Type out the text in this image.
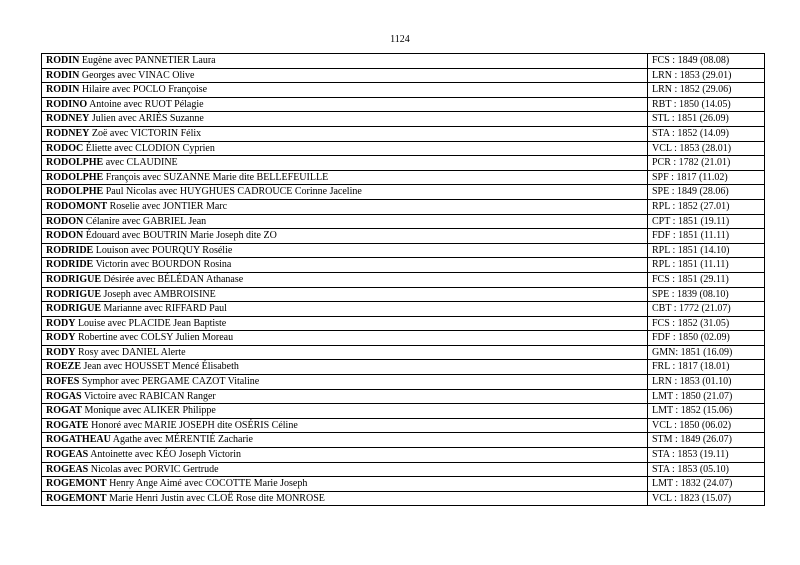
1124
RODIN Eugène avec PANNETIER Laura	FCS : 1849 (08.08)
RODIN Georges avec VINAC Olive	LRN : 1853 (29.01)
RODIN Hilaire avec POCLO Françoise	LRN : 1852 (29.06)
RODINO Antoine avec RUOT Pélagie	RBT : 1850 (14.05)
RODNEY Julien avec ARIÈS Suzanne	STL : 1851 (26.09)
RODNEY Zoë avec VICTORIN Félix	STA : 1852 (14.09)
RODOC Éliette avec CLODION Cyprien	VCL : 1853 (28.01)
RODOLPHE avec CLAUDINE	PCR : 1782 (21.01)
RODOLPHE François avec SUZANNE Marie dite BELLEFEUILLE	SPF : 1817 (11.02)
RODOLPHE Paul Nicolas avec HUYGHUES CADROUCE Corinne Jaceline	SPE : 1849 (28.06)
RODOMONT Roselie avec JONTIER Marc	RPL : 1852 (27.01)
RODON Célanire avec GABRIEL Jean	CPT : 1851 (19.11)
RODON Édouard avec BOUTRIN Marie Joseph dite ZO	FDF : 1851 (11.11)
RODRIDE Louison avec POURQUY Rosélie	RPL : 1851 (14.10)
RODRIDE Victorin avec BOURDON Rosina	RPL : 1851 (11.11)
RODRIGUE Désirée avec BÉLÉDAN Athanase	FCS : 1851 (29.11)
RODRIGUE Joseph avec AMBROISINE	SPE : 1839 (08.10)
RODRIGUE Marianne avec RIFFARD Paul	CBT : 1772 (21.07)
RODY Louise avec PLACIDE Jean Baptiste	FCS : 1852 (31.05)
RODY Robertine avec COLSY Julien Moreau	FDF : 1850 (02.09)
RODY Rosy avec DANIEL Alerte	GMN: 1851 (16.09)
ROEZE Jean avec HOUSSET Mencé Élisabeth	FRL : 1817 (18.01)
ROFES Symphor avec PERGAME CAZOT Vitaline	LRN : 1853 (01.10)
ROGAS Victoire avec RABICAN Ranger	LMT : 1850 (21.07)
ROGAT Monique avec ALIKER Philippe	LMT : 1852 (15.06)
ROGATE Honoré avec MARIE JOSEPH dite OSÉRIS Céline	VCL : 1850 (06.02)
ROGATHEAU Agathe avec MÉRENTIÉ Zacharie	STM : 1849 (26.07)
ROGEAS Antoinette avec KÉO Joseph Victorin	STA : 1853 (19.11)
ROGEAS Nicolas avec PORVIC Gertrude	STA : 1853 (05.10)
ROGEMONT Henry Ange Aimé avec COCOTTE Marie Joseph	LMT : 1832 (24.07)
ROGEMONT Marie Henri Justin avec CLOË Rose dite MONROSE	VCL : 1823 (15.07)
